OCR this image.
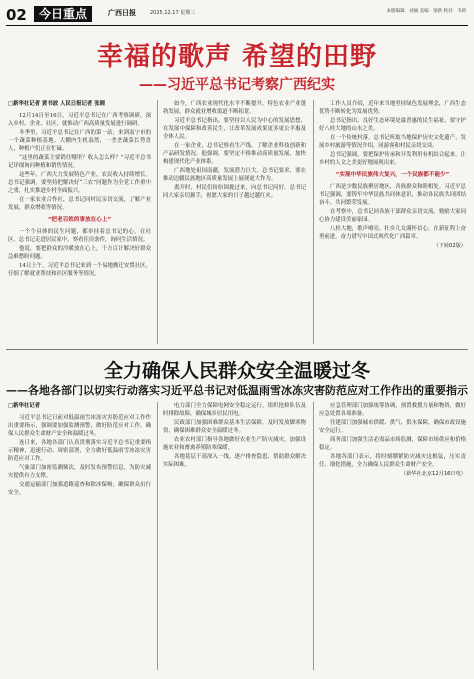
02	今日重点	广西日报	2025.12.17 星期三	本版编辑：刘丽 美编：梁新 校对：韦莉
幸福的歌声 希望的田野
——习近平总书记考察广西纪实
□新华社记者 黄书波 人民日报记者 张晓

12月14日至16日，习近平总书记在广西考察调研，深入乡村、企业、社区，就推动广西高质量发展进行调研。

冬季里，习近平总书记在广西的第一站，来到南宁市的一个蔬菜种植基地。大棚内生机盎然，一垄垄蔬菜长势喜人，种植户们正在忙碌。

“这里的蔬菜主要销往哪里？收入怎么样？”习近平总书记详细询问种植和销售情况。

这些年，广西大力发展特色产业，农民收入持续增长。总书记强调，要坚持把解决好“三农”问题作为全党工作重中之重，扎实推进乡村全面振兴。

在一家农业合作社，总书记同村民亲切交流，了解产业发展、群众增收等情况。

“把老百姓的事放在心上”

一个个具体的民生问题，都牵挂着总书记的心。在社区，总书记走进居民家中，察看住房条件，询问生活情况。

他说，要把群众的冷暖放在心上，千方百计解决好群众急难愁盼问题。

14日上午，习近平总书记来到一个易地搬迁安置社区，仔细了解就业帮扶和社区服务等情况。

如今，广西农业现代化水平不断提升，特色农业产业蓬勃发展，群众就业增收渠道不断拓宽。

习近平总书记指出，要坚持以人民为中心的发展思想，在发展中保障和改善民生，让改革发展成果更多更公平惠及全体人民。

在一家企业，总书记察看生产线，了解企业科技创新和产品研发情况。他强调，要坚定不移推动高质量发展，加快构建现代化产业体系。

广西地处祖国南疆，发展潜力巨大。总书记要求，要在推动边疆民族地区高质量发展上展现更大作为。

离开时，村民们纷纷围拢过来，向总书记问好。总书记同大家亲切握手，祝愿大家的日子越过越红火。

工作人员介绍，近年来当地坚持绿色发展理念，广西生态优势不断转化为发展优势。

总书记指出，良好生态环境是最普惠的民生福祉，要守护好八桂大地的山水之美。

在一个传统村落，总书记听取当地保护历史文化遗产、发展乡村旅游等情况介绍，同游客和村民亲切交谈。

总书记强调，要把保护传承和开发利用有机结合起来，让乡村的人文之美更好地展现出来。

“实现中华民族伟大复兴，一个民族都不能少”

广西是少数民族聚居地区，各族群众和睦相处。习近平总书记强调，要铸牢中华民族共同体意识，推动各民族共同团结奋斗、共同繁荣发展。

在考察中，总书记同各族干部群众亲切交流，勉励大家同心协力建设美丽家园。

八桂大地，歌声嘹亮。壮乡儿女满怀信心，在新征程上奋勇前进，奋力谱写中国式现代化广西篇章。

（下转02版）
全力确保人民群众安全温暖过冬
——各地各部门以切实行动落实习近平总书记对低温雨雪冰冻灾害防范应对工作作出的重要指示
□新华社记者

习近平总书记日前对低温雨雪冰冻灾害防范应对工作作出重要指示，强调要加强监测预警，做好防范应对工作，确保人民群众生命财产安全和温暖过冬。

连日来，各地各部门认真贯彻落实习近平总书记重要指示精神，迅速行动、周密部署，全力做好低温雨雪冰冻灾害防范应对工作。

气象部门加密监测频次，及时发布预警信息，为防灾减灾提供有力支撑。

交通运输部门加强道路巡查和除冰保畅，确保群众出行安全。

电力部门全力保障电网安全稳定运行，组织抢修队伍及时排除故障，确保城乡居民用电。

民政部门加强困难群众基本生活保障，及时发放御寒物资，确保困难群众安全温暖过冬。

农业农村部门指导各地做好农业生产防灾减灾，加强设施农业和畜禽养殖防寒保暖。

各地基层干部深入一线，逐户排查隐患，帮助群众解决实际困难。

应急管理部门加强统筹协调，预置救援力量和物资，做好应急处置各项准备。

住建部门加强城市供暖、供气、供水保障，确保市政设施安全运行。

商务部门加强生活必需品市场监测，保障市场供应和价格稳定。

各地各部门表示，将时刻绷紧防灾减灾这根弦，压实责任、细化措施，全力确保人民群众生命财产安全。

（新华社北京12月16日电）
